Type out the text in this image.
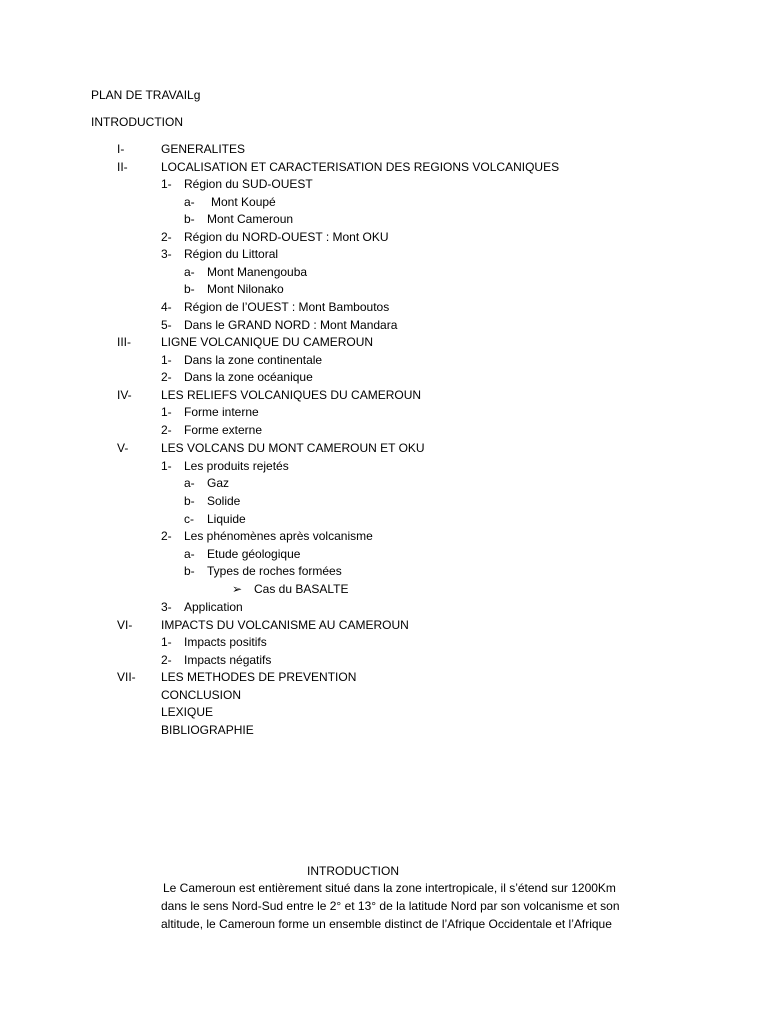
PLAN DE TRAVAILg
INTRODUCTION
I-	GENERALITES
II-	LOCALISATION ET CARACTERISATION DES REGIONS VOLCANIQUES
1- Région du SUD-OUEST
a- Mont Koupé
b- Mont Cameroun
2- Région du NORD-OUEST : Mont OKU
3- Région du Littoral
a- Mont Manengouba
b- Mont Nilonako
4- Région de l’OUEST : Mont Bamboutos
5- Dans le GRAND NORD : Mont Mandara
III-	LIGNE VOLCANIQUE DU CAMEROUN
1- Dans la zone continentale
2- Dans la zone océanique
IV- LES RELIEFS VOLCANIQUES DU CAMEROUN
1- Forme interne
2- Forme externe
V-	LES VOLCANS DU MONT CAMEROUN ET OKU
1- Les produits rejetés
a- Gaz
b- Solide
c- Liquide
2- Les phénomènes après volcanisme
a- Etude géologique
b- Types de roches formées
➢ Cas du BASALTE
3- Application
VI- IMPACTS DU VOLCANISME AU CAMEROUN
1- Impacts positifs
2- Impacts négatifs
VII- LES METHODES DE PREVENTION
CONCLUSION
LEXIQUE
BIBLIOGRAPHIE
INTRODUCTION
Le Cameroun est entièrement situé dans la zone intertropicale, il s’étend sur 1200Km
dans le sens Nord-Sud entre le 2° et 13° de la latitude Nord par son volcanisme et son
altitude, le Cameroun forme un ensemble distinct de l’Afrique Occidentale et l’Afrique
